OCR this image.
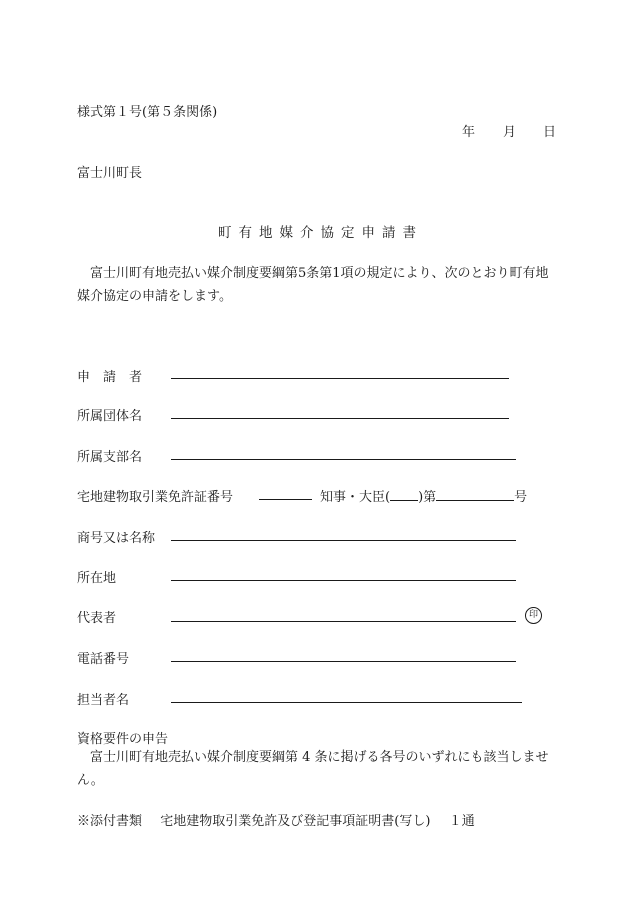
様式第１号(第５条関係)
年 月 日
富士川町長
町有地媒介協定申請書
富士川町有地売払い媒介制度要綱第5条第1項の規定により、次のとおり町有地媒介協定の申請をします。
申　請　者
所属団体名
所属支部名
宅地建物取引業免許証番号	知事・大臣( )第	号
商号又は名称
所在地
代表者	印
電話番号
担当者名
資格要件の申告
富士川町有地売払い媒介制度要綱第 4 条に掲げる各号のいずれにも該当しません。
※添付書類 宅地建物取引業免許及び登記事項証明書(写し) １通
